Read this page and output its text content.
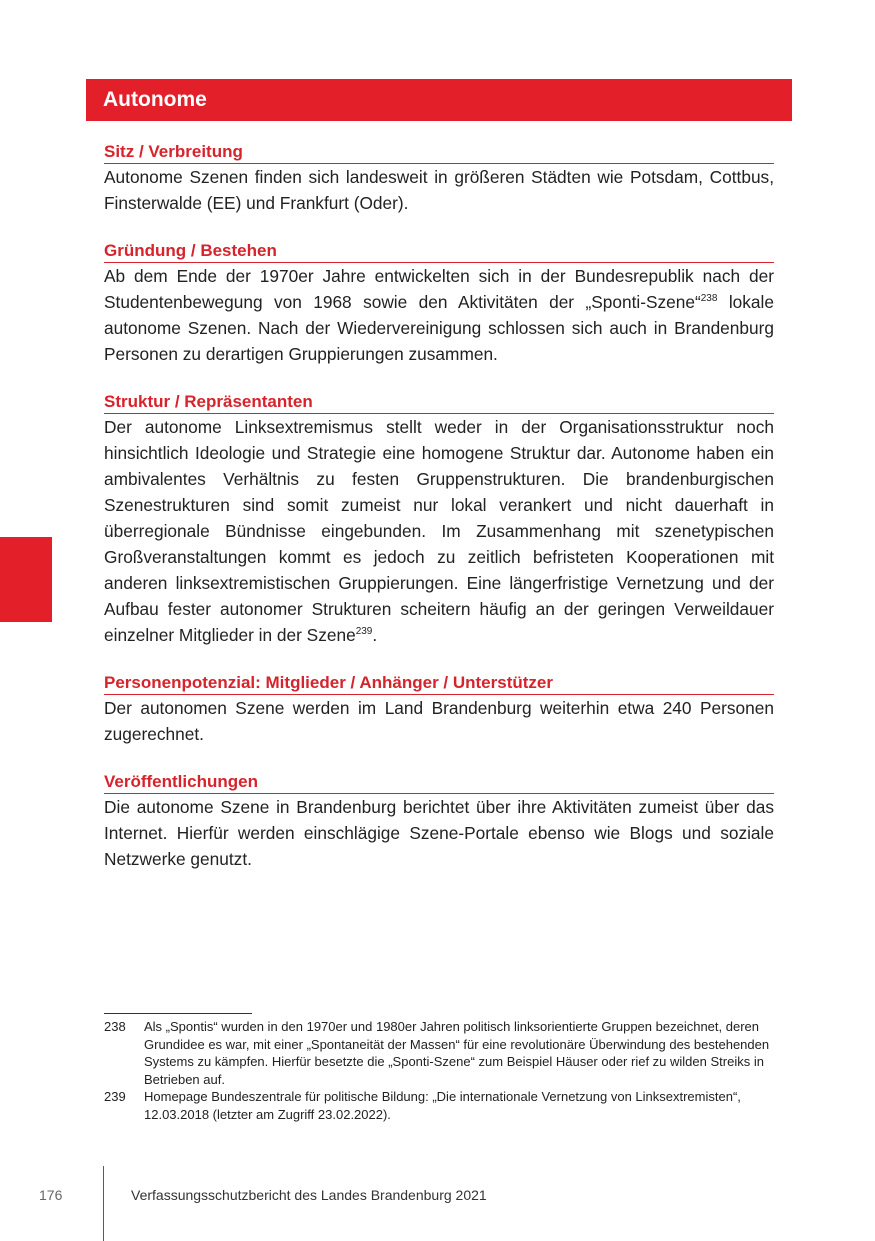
Autonome
Sitz / Verbreitung

Autonome Szenen finden sich landesweit in größeren Städten wie Potsdam, Cottbus, Finsterwalde (EE) und Frankfurt (Oder).

Gründung / Bestehen

Ab dem Ende der 1970er Jahre entwickelten sich in der Bundesrepublik nach der Studentenbewegung von 1968 sowie den Aktivitäten der „Sponti-Szene“$^{238}$ lokale autonome Szenen. Nach der Wiedervereinigung schlossen sich auch in Brandenburg Personen zu derartigen Gruppierungen zusammen.

Struktur / Repräsentanten

Der autonome Linksextremismus stellt weder in der Organisationsstruktur noch hinsichtlich Ideologie und Strategie eine homogene Struktur dar. Autonome haben ein ambivalentes Verhältnis zu festen Gruppenstrukturen. Die brandenburgischen Szenestrukturen sind somit zumeist nur lokal verankert und nicht dauerhaft in überregionale Bündnisse eingebunden. Im Zusammenhang mit szenetypischen Großveranstaltungen kommt es jedoch zu zeitlich befristeten Kooperationen mit anderen linksextremistischen Gruppierungen. Eine längerfristige Vernetzung und der Aufbau fester autonomer Strukturen scheitern häufig an der geringen Verweildauer einzelner Mitglieder in der Szene$^{239}$.

Personenpotenzial: Mitglieder / Anhänger / Unterstützer

Der autonomen Szene werden im Land Brandenburg weiterhin etwa 240 Personen zugerechnet.

Veröffentlichungen

Die autonome Szene in Brandenburg berichtet über ihre Aktivitäten zumeist über das Internet. Hierfür werden einschlägige Szene-Portale ebenso wie Blogs und soziale Netzwerke genutzt.

238	Als „Spontis“ wurden in den 1970er und 1980er Jahren politisch linksorientierte Gruppen bezeichnet, deren Grundidee es war, mit einer „Spontaneität der Massen“ für eine revolutionäre Überwindung des bestehenden Systems zu kämpfen. Hierfür besetzte die „Sponti-Szene“ zum Beispiel Häuser oder rief zu wilden Streiks in Betrieben auf.
239	Homepage Bundeszentrale für politische Bildung: „Die internationale Vernetzung von Linksextremisten“, 12.03.2018 (letzter am Zugriff 23.02.2022).
176	Verfassungsschutzbericht des Landes Brandenburg 2021
